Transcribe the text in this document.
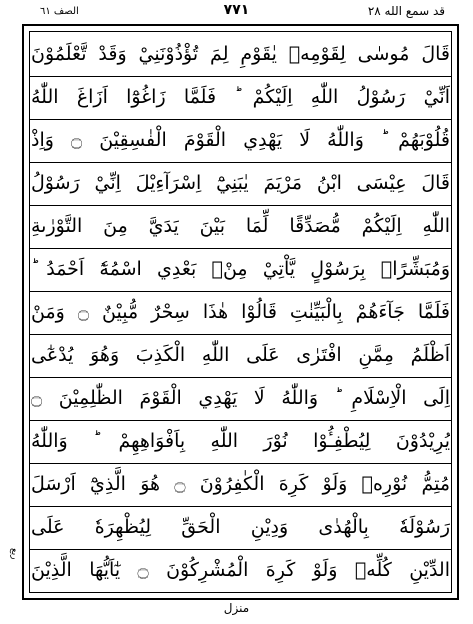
الصف ٦١	٧٧١	قد سمع الله ٢٨
قَالَ مُوسٰى لِقَوْمِهٖ يٰقَوْمِ لِمَ تُؤْذُوْنَنِيْ وَقَدْ تَّعْلَمُوْنَ
اَنِّيْ رَسُوْلُ اللّٰهِ اِلَيْكُمْ ؕ فَلَمَّا زَاغُوْٓا اَزَاغَ اللّٰهُ
قُلُوْبَهُمْ ؕ وَاللّٰهُ لَا يَهْدِي الْقَوْمَ الْفٰسِقِيْنَ ۝ وَاِذْ
قَالَ عِيْسَى ابْنُ مَرْيَمَ يٰبَنِيْٓ اِسْرَآءِيْلَ اِنِّيْ رَسُوْلُ
اللّٰهِ اِلَيْكُمْ مُّصَدِّقًا لِّمَا بَيْنَ يَدَيَّ مِنَ التَّوْرٰىةِ
وَمُبَشِّرًاۢ بِرَسُوْلٍ يَّاْتِيْ مِنْۢ بَعْدِي اسْمُهٗٓ اَحْمَدُ ؕ
فَلَمَّا جَآءَهُمْ بِالْبَيِّنٰتِ قَالُوْا هٰذَا سِحْرٌ مُّبِيْنٌ ۝ وَمَنْ
اَظْلَمُ مِمَّنِ افْتَرٰى عَلَى اللّٰهِ الْكَذِبَ وَهُوَ يُدْعٰٓى
اِلَى الْاِسْلَامِ ؕ وَاللّٰهُ لَا يَهْدِي الْقَوْمَ الظّٰلِمِيْنَ ۝
يُرِيْدُوْنَ لِيُطْفِـُٔوْا نُوْرَ اللّٰهِ بِاَفْوَاهِهِمْ ؕ وَاللّٰهُ
مُتِمُّ نُوْرِهٖ وَلَوْ كَرِهَ الْكٰفِرُوْنَ ۝ هُوَ الَّذِيْٓ اَرْسَلَ
رَسُوْلَهٗ بِالْهُدٰى وَدِيْنِ الْحَقِّ لِيُظْهِرَهٗ عَلَى
الدِّيْنِ كُلِّهٖ وَلَوْ كَرِهَ الْمُشْرِكُوْنَ ۝ يٰٓاَيُّهَا الَّذِيْنَ
ربع
منزل
